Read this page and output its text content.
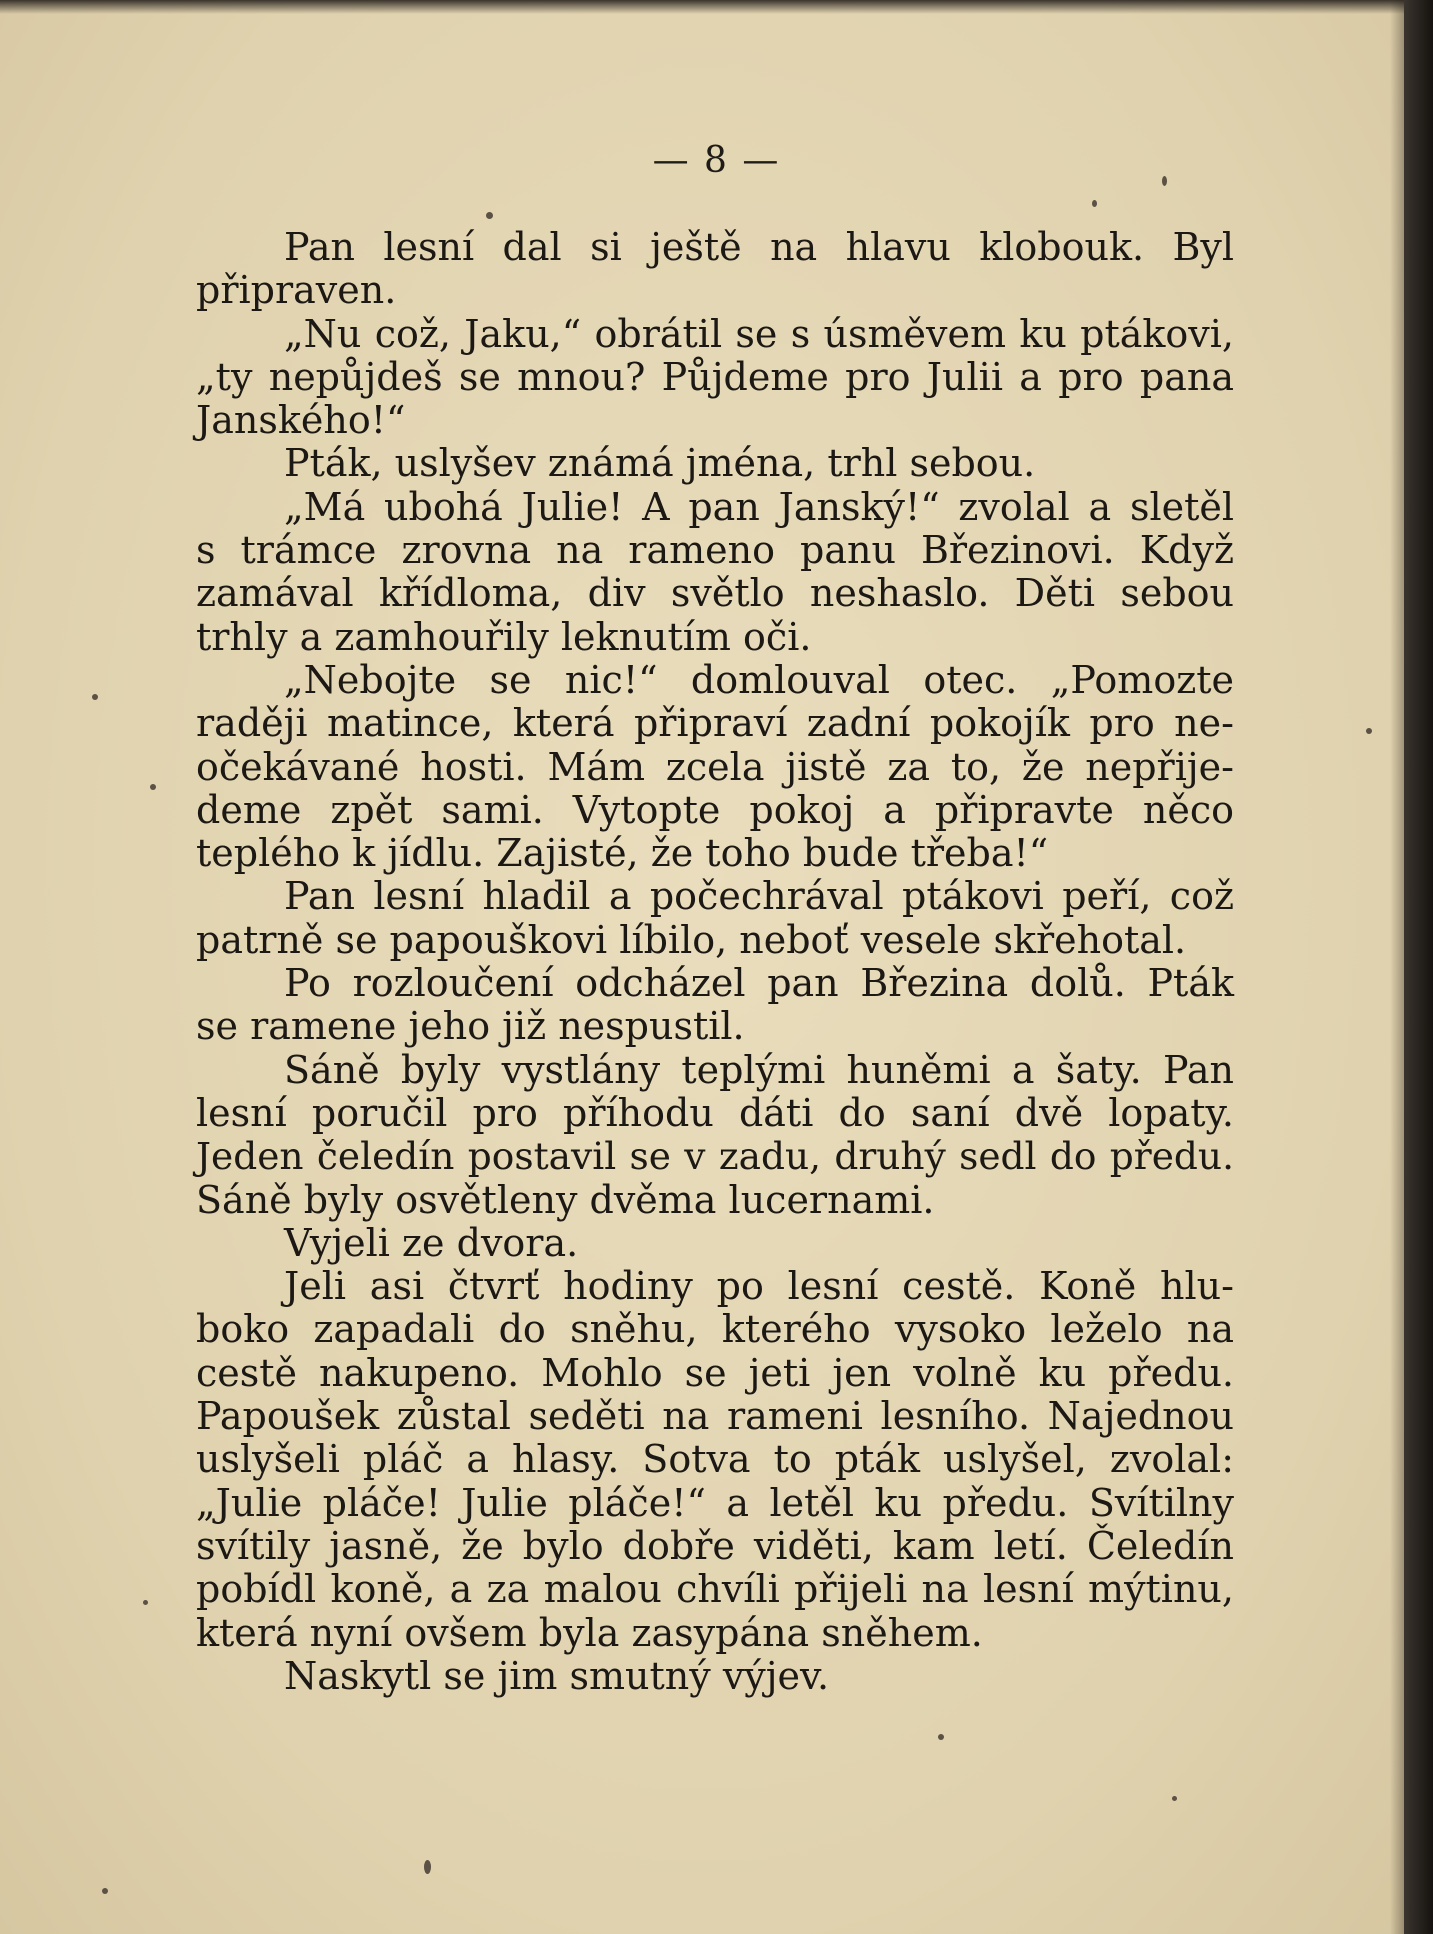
— 8 —
Pan lesní dal si ještě na hlavu klobouk. Byl
připraven.
„Nu což, Jaku,“ obrátil se s úsměvem ku ptákovi,
„ty nepůjdeš se mnou? Půjdeme pro Julii a pro pana
Janského!“
Pták, uslyšev známá jména, trhl sebou.
„Má ubohá Julie! A pan Janský!“ zvolal a sletěl
s trámce zrovna na rameno panu Březinovi. Když
zamával křídloma, div světlo neshaslo. Děti sebou
trhly a zamhouřily leknutím oči.
„Nebojte se nic!“ domlouval otec. „Pomozte
raději matince, která připraví zadní pokojík pro ne-
očekávané hosti. Mám zcela jistě za to, že nepřije-
deme zpět sami. Vytopte pokoj a připravte něco
teplého k jídlu. Zajisté, že toho bude třeba!“
Pan lesní hladil a počechrával ptákovi peří, což
patrně se papouškovi líbilo, neboť vesele skřehotal.
Po rozloučení odcházel pan Březina dolů. Pták
se ramene jeho již nespustil.
Sáně byly vystlány teplými huněmi a šaty. Pan
lesní poručil pro příhodu dáti do saní dvě lopaty.
Jeden čeledín postavil se v zadu, druhý sedl do předu.
Sáně byly osvětleny dvěma lucernami.
Vyjeli ze dvora.
Jeli asi čtvrť hodiny po lesní cestě. Koně hlu-
boko zapadali do sněhu, kterého vysoko leželo na
cestě nakupeno. Mohlo se jeti jen volně ku předu.
Papoušek zůstal seděti na rameni lesního. Najednou
uslyšeli pláč a hlasy. Sotva to pták uslyšel, zvolal:
„Julie pláče! Julie pláče!“ a letěl ku předu. Svítilny
svítily jasně, že bylo dobře viděti, kam letí. Čeledín
pobídl koně, a za malou chvíli přijeli na lesní mýtinu,
která nyní ovšem byla zasypána sněhem.
Naskytl se jim smutný výjev.
